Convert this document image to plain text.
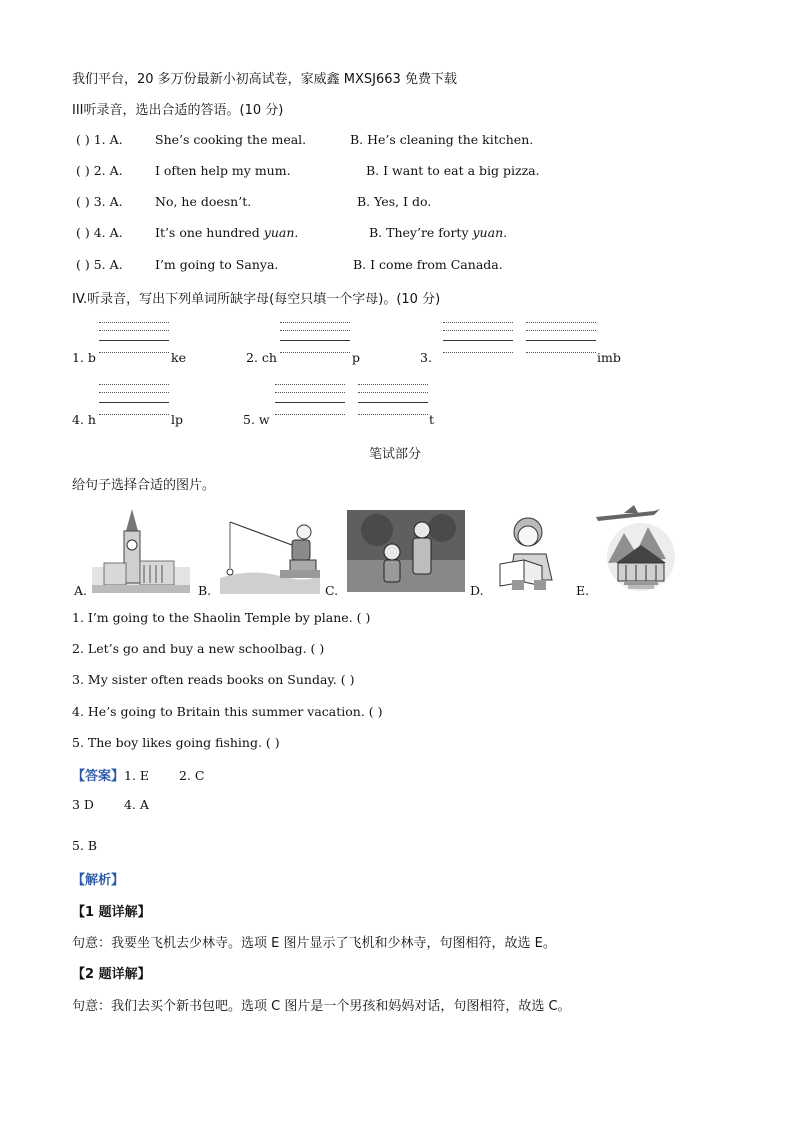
我们平台，20 多万份最新小初高试卷，家威鑫 MXSJ663 免费下载
III听录音，选出合适的答语。(10 分)
( ) 1. A.	She’s cooking the meal.	B. He’s cleaning the kitchen.
( ) 2. A.	I often help my mum.	B. I want to eat a big pizza.
( ) 3. A.	No, he doesn’t.	B. Yes, I do.
( ) 4. A.	It’s one hundred yuan.	B. They’re forty yuan.
( ) 5. A.	I’m going to Sanya.	B. I come from Canada.
IV.听录音，写出下列单词所缺字母(每空只填一个字母)。(10 分)
1. b	ke	2. ch	p	3.	imb
4. h	lp	5. w	t
笔试部分
给句子选择合适的图片。
A.	B.	C.	D.	E.
1. I’m going to the Shaolin Temple by plane. ( )
2. Let’s go and buy a new schoolbag. ( )
3. My sister often reads books on Sunday. ( )
4. He’s going to Britain this summer vacation. ( )
5. The boy likes going fishing. ( )
【答案】1. E 2. C
3 D 4. A
5. B
【解析】
【1 题详解】
句意：我要坐飞机去少林寺。选项 E 图片显示了飞机和少林寺，句图相符，故选 E。
【2 题详解】
句意：我们去买个新书包吧。选项 C 图片是一个男孩和妈妈对话，句图相符，故选 C。
